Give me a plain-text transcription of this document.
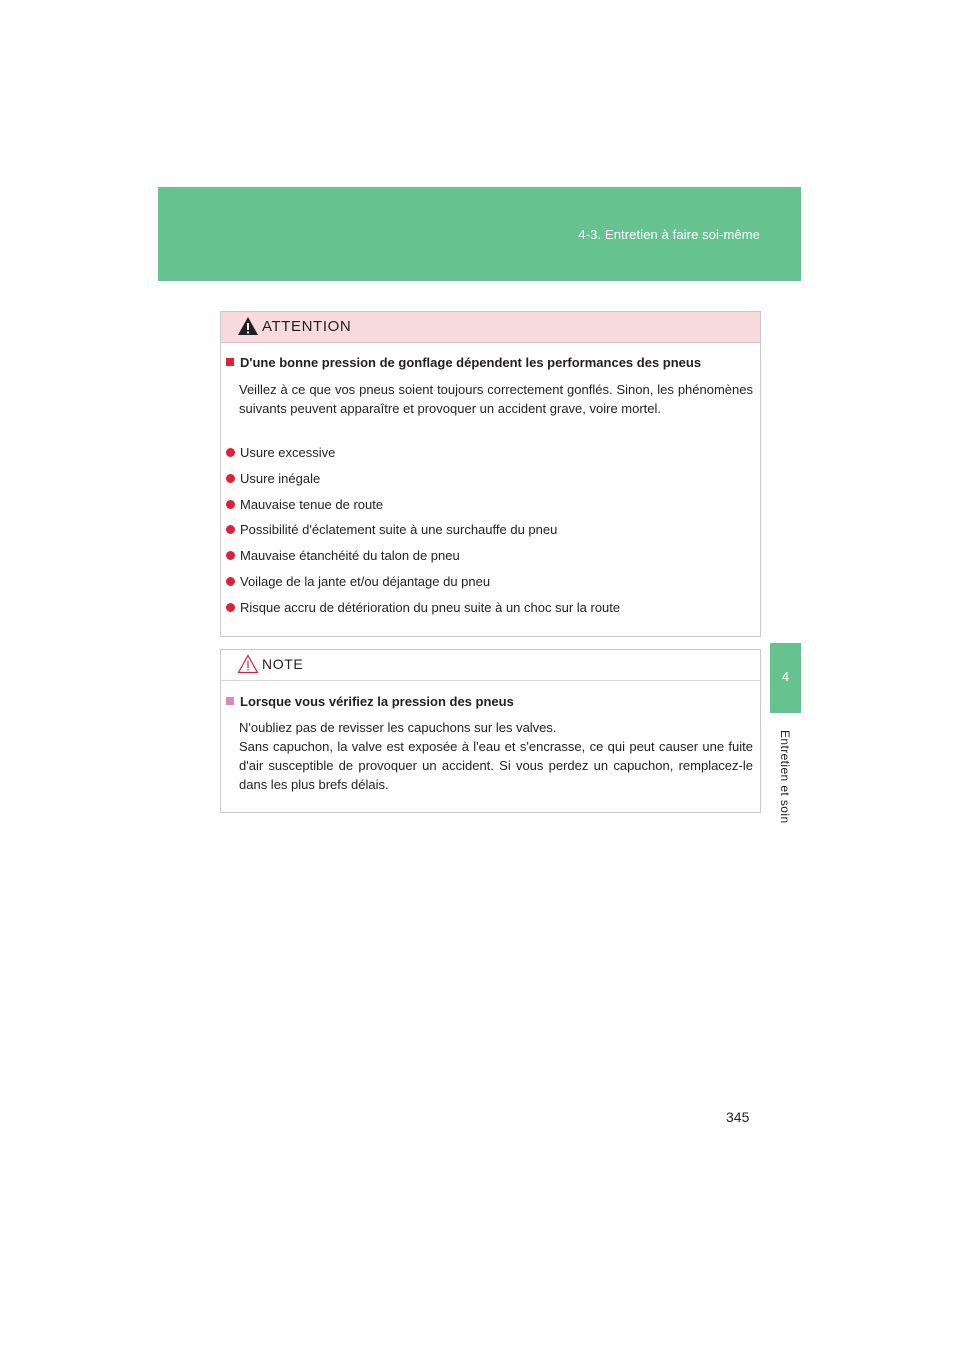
4-3. Entretien à faire soi-même
4
Entretien et soin
ATTENTION
D'une bonne pression de gonflage dépendent les performances des pneus
Veillez à ce que vos pneus soient toujours correctement gonflés. Sinon, les phénomènes suivants peuvent apparaître et provoquer un accident grave, voire mortel.
Usure excessive
Usure inégale
Mauvaise tenue de route
Possibilité d'éclatement suite à une surchauffe du pneu
Mauvaise étanchéité du talon de pneu
Voilage de la jante et/ou déjantage du pneu
Risque accru de détérioration du pneu suite à un choc sur la route
NOTE
Lorsque vous vérifiez la pression des pneus
N'oubliez pas de revisser les capuchons sur les valves.
Sans capuchon, la valve est exposée à l'eau et s'encrasse, ce qui peut causer une fuite d'air susceptible de provoquer un accident. Si vous perdez un capuchon, remplacez-le dans les plus brefs délais.
345
